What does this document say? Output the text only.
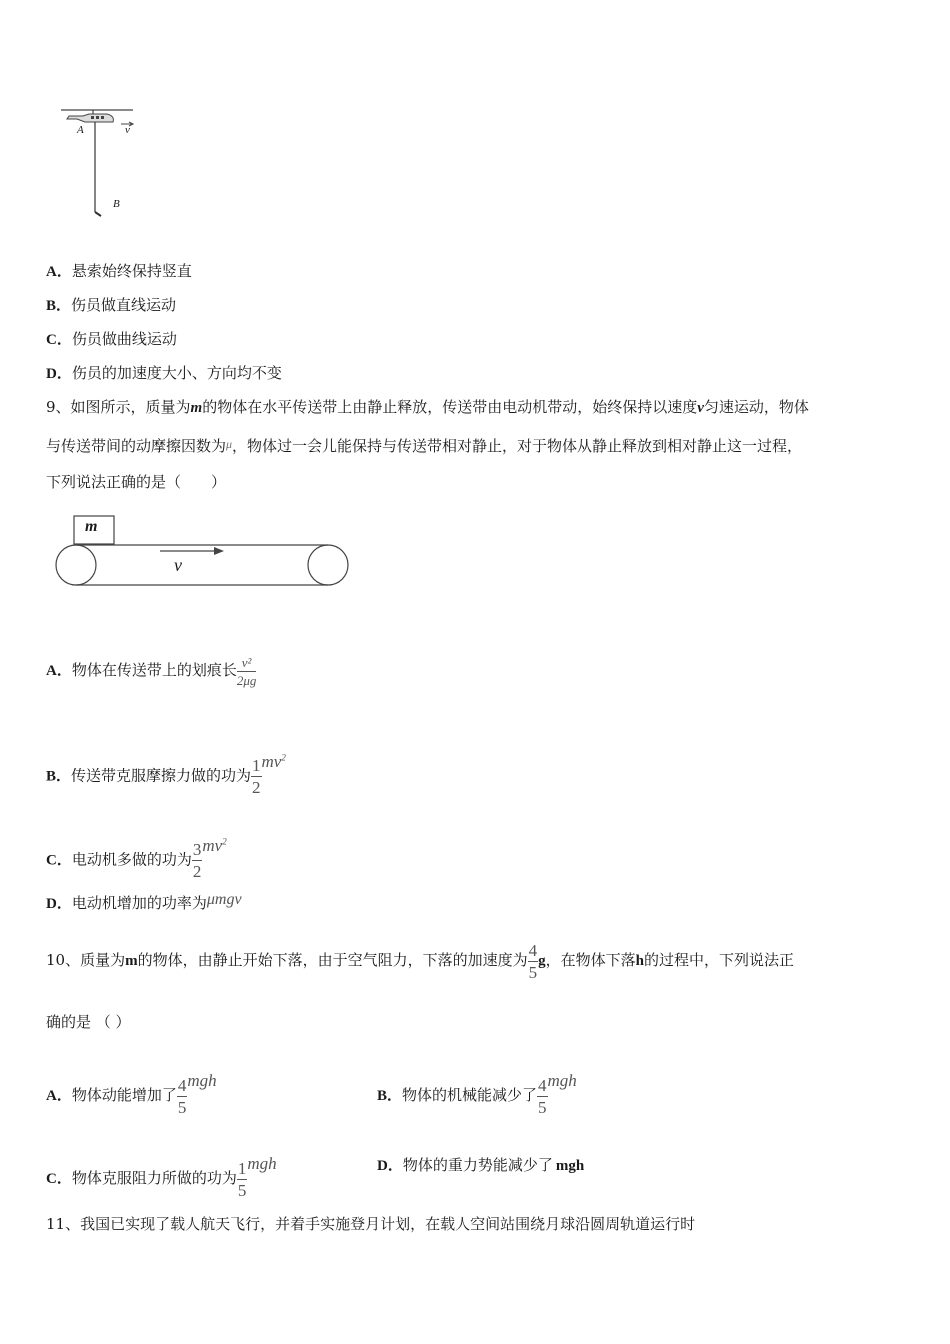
A	v
B
A．悬索始终保持竖直
B．伤员做直线运动
C．伤员做曲线运动
D．伤员的加速度大小、方向均不变
9、如图所示，质量为m的物体在水平传送带上由静止释放，传送带由电动机带动，始终保持以速度v匀速运动，物体
与传送带间的动摩擦因数为$^\mu$，物体过一会儿能保持与传送带相对静止，对于物体从静止释放到相对静止这一过程，
下列说法正确的是（　　）
m
v
A．物体在传送带上的划痕长 $\frac{\text{v²}}{2\mu g}$
B．传送带克服摩擦力做的功为 $\frac{1}{2} mv^2$
C．电动机多做的功为 $\frac{3}{2} mv^2$
D．电动机增加的功率为μmgv
10、质量为m的物体，由静止开始下落，由于空气阻力，下落的加速度为 $\frac{4}{5}$ g，在物体下落h的过程中，下列说法正
确的是 （ ）
A．物体动能增加了 $\frac{4}{5}$ mgh
B．物体的机械能减少了 $\frac{4}{5}$ mgh
C．物体克服阻力所做的功为 $\frac{1}{5}$ mgh	D．物体的重力势能减少了 mgh
11、我国已实现了载人航天飞行，并着手实施登月计划，在载人空间站围绕月球沿圆周轨道运行时
